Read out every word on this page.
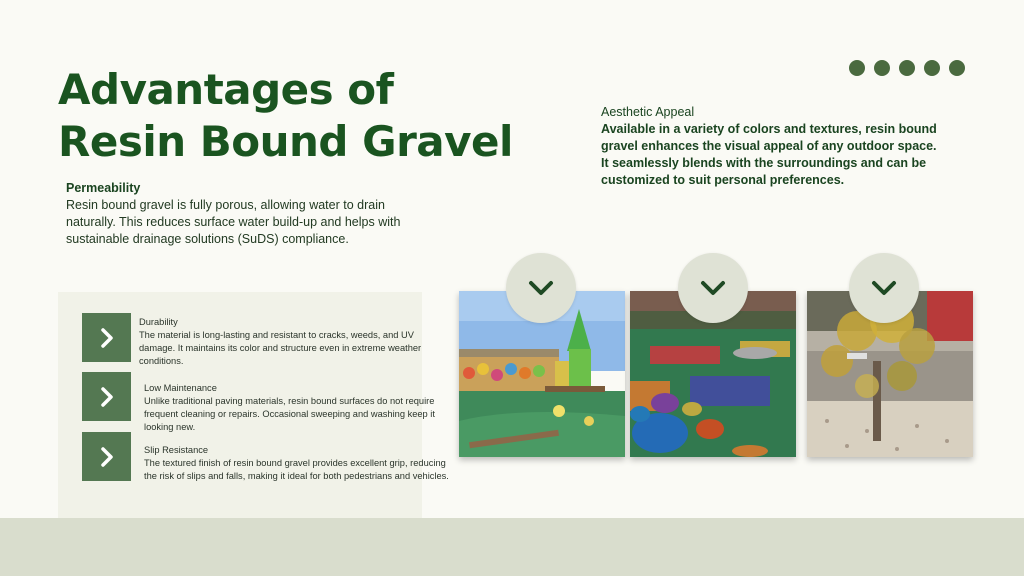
Advantages of
Resin Bound Gravel
Permeability
Resin bound gravel is fully porous, allowing water to drain naturally. This reduces surface water build-up and helps with sustainable drainage solutions (SuDS) compliance.
Aesthetic Appeal
Available in a variety of colors and textures, resin bound gravel enhances the visual appeal of any outdoor space. It seamlessly blends with the surroundings and can be customized to suit personal preferences.
Durability
The material is long-lasting and resistant to cracks, weeds, and UV damage. It maintains its color and structure even in extreme weather conditions.
Low Maintenance
Unlike traditional paving materials, resin bound surfaces do not require frequent cleaning or repairs. Occasional sweeping and washing keep it looking new.
Slip Resistance
The textured finish of resin bound gravel provides excellent grip, reducing the risk of slips and falls, making it ideal for both pedestrians and vehicles.
